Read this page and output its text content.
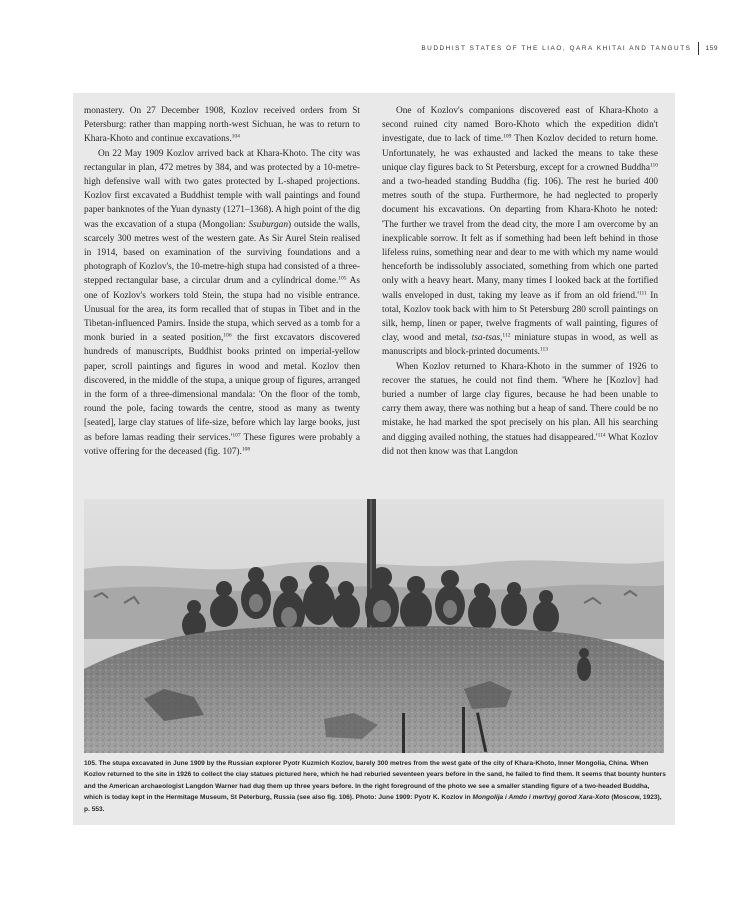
BUDDHIST STATES OF THE LIAO, QARA KHITAI AND TANGUTS 159

monastery. On 27 December 1908, Kozlov received orders from St Petersburg: rather than mapping north-west Sichuan, he was to return to Khara-Khoto and continue excavations.$^{104}$

On 22 May 1909 Kozlov arrived back at Khara-Khoto. The city was rectangular in plan, 472 metres by 384, and was protected by a 10-metre-high defensive wall with two gates protected by L-shaped projections. Kozlov first excavated a Buddhist temple with wall paintings and found paper banknotes of the Yuan dynasty (1271–1368). A high point of the dig was the excavation of a stupa (Mongolian: Ssuburgan) outside the walls, scarcely 300 metres west of the western gate. As Sir Aurel Stein realised in 1914, based on examination of the surviving foundations and a photograph of Kozlov's, the 10-metre-high stupa had consisted of a three-stepped rectangular base, a circular drum and a cylindrical dome.$^{105}$ As one of Kozlov's workers told Stein, the stupa had no visible entrance. Unusual for the area, its form recalled that of stupas in Tibet and in the Tibetan-influenced Pamirs. Inside the stupa, which served as a tomb for a monk buried in a seated position,$^{106}$ the first excavators discovered hundreds of manuscripts, Buddhist books printed on imperial-yellow paper, scroll paintings and figures in wood and metal. Kozlov then discovered, in the middle of the stupa, a unique group of figures, arranged in the form of a three-dimensional mandala: 'On the floor of the tomb, round the pole, facing towards the centre, stood as many as twenty [seated], large clay statues of life-size, before which lay large books, just as before lamas reading their $services.'^{107}$ These figures were probably a votive offering for the deceased (fig. 107).$^{108}$

One of Kozlov's companions discovered east of Khara-Khoto a second ruined city named Boro-Khoto which the expedition didn't investigate, due to lack of time.$^{109}$ Then Kozlov decided to return home. Unfortunately, he was exhausted and lacked the means to take these unique clay figures back to St Petersburg, except for a crowned Buddha$^{110}$ and a two-headed standing Buddha (fig. 106). The rest he buried 400 metres south of the stupa. Furthermore, he had neglected to properly document his excavations. On departing from Khara-Khoto he noted: 'The further we travel from the dead city, the more I am overcome by an inexplicable sorrow. It felt as if something had been left behind in those lifeless ruins, something near and dear to me with which my name would henceforth be indissolubly associated, something from which one parted only with a heavy heart. Many, many times I looked back at the fortified walls enveloped in dust, taking my leave as if from an old $friend.'^{111}$ In total, Kozlov took back with him to St Petersburg 280 scroll paintings on silk, hemp, linen or paper, twelve fragments of wall painting, figures of clay, wood and metal, tsa-tsas,$^{112}$ miniature stupas in wood, as well as manuscripts and block-printed documents.$^{113}$

When Kozlov returned to Khara-Khoto in the summer of 1926 to recover the statues, he could not find them. 'Where he [Kozlov] had buried a number of large clay figures, because he had been unable to carry them away, there was nothing but a heap of sand. There could be no mistake, he had marked the spot precisely on his plan. All his searching and digging availed nothing, the statues had $disappeared.'^{114}$ What Kozlov did not then know was that Langdon

105. The stupa excavated in June 1909 by the Russian explorer Pyotr Kuzmich Kozlov, barely 300 metres from the west gate of the city of Khara-Khoto, Inner Mongolia, China. When Kozlov returned to the site in 1926 to collect the clay statues pictured here, which he had reburied seventeen years before in the sand, he failed to find them. It seems that bounty hunters and the American archaeologist Langdon Warner had dug them up three years before. In the right foreground of the photo we see a smaller standing figure of a two-headed Buddha, which is today kept in the Hermitage Museum, St Peterburg, Russia (see also fig. 106). Photo: June 1909: Pyotr K. Kozlov in Mongolija i Amdo i mertvyj gorod Xara-Xoto (Moscow, 1923), p. 553.
